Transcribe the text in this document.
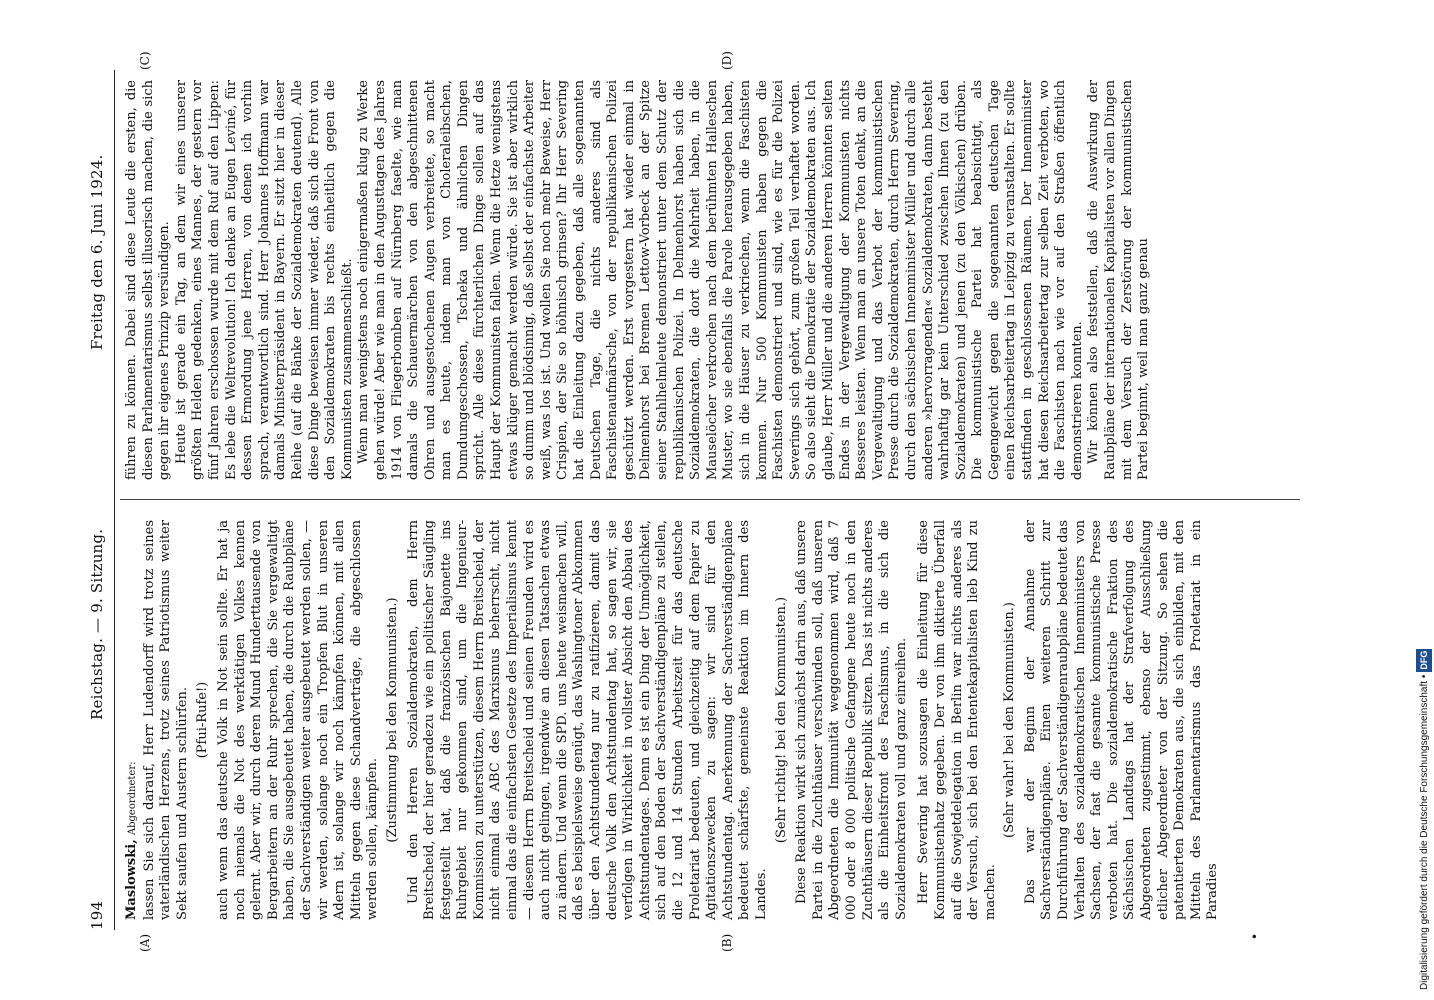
194
Reichstag. — 9. Sitzung.
Freitag den 6. Juni 1924.
(A)	(B)
(C)	(D)
•

Maslowski, Abgeordneter: lassen Sie sich darauf, Herr Ludendorff wird trotz seines vaterländischen Herzens, trotz seines Patriotismus weiter Sekt saufen und Austern schlürfen. (Pfui-Rufe!) auch wenn das deutsche Volk in Not sein sollte. Er hat ja noch niemals die Not des werktätigen Volkes kennen gelernt. Aber wir, durch deren Mund Hunderttausende von Bergarbeitern an der Ruhr sprechen, die Sie vergewaltigt haben, die Sie ausgebeutet haben, die durch die Raubpläne der Sachverständigen weiter ausgebeutet werden sollen, — wir werden, solange noch ein Tropfen Blut in unseren Adern ist, solange wir noch kämpfen können, mit allen Mitteln gegen diese Schandverträge, die abgeschlossen werden sollen, kämpfen. (Zustimmung bei den Kommunisten.) Und den Herren Sozialdemokraten, dem Herrn Breitscheid, der hier geradezu wie ein politischer Säugling festgestellt hat, daß die französischen Bajonette ins Ruhrgebiet nur gekommen sind, um die Ingenieur-Kommission zu unterstützen, diesem Herrn Breitscheid, der nicht einmal das ABC des Marxismus beherrscht, nicht einmal das die einfachsten Gesetze des Imperialismus kennt — diesem Herrn Breitscheid und seinen Freunden wird es auch nicht gelingen, irgendwie an diesen Tatsachen etwas zu ändern. Und wenn die SPD. uns heute weismachen will, daß es beispielsweise genügt, das Washingtoner Abkommen über den Achtstundentag nur zu ratifizieren, damit das deutsche Volk den Achtstundentag hat, so sagen wir, sie verfolgen in Wirklichkeit in vollster Absicht den Abbau des Achtstundentages. Denn es ist ein Ding der Unmöglichkeit, sich auf den Boden der Sachverständigenpläne zu stellen, die 12 und 14 Stunden Arbeitszeit für das deutsche Proletariat bedeuten, und gleichzeitig auf dem Papier zu Agitationszwecken zu sagen: wir sind für den Achtstundentag. Anerkennung der Sachverständigenpläne bedeutet schärfste, gemeinste Reaktion im Innern des Landes.

(Sehr richtig! bei den Kommunisten.) Diese Reaktion wirkt sich zunächst darin aus, daß unsere Partei in die Zuchthäuser verschwinden soll, daß unseren Abgeordneten die Immunität weggenommen wird, daß 7 000 oder 8 000 politische Gefangene heute noch in den Zuchthäusern dieser Republik sitzen. Das ist nichts anderes als die Einheitsfront des Faschismus, in die sich die Sozialdemokraten voll und ganz einreihen. Herr Severing hat sozusagen die Einleitung für diese Kommunistenhatz gegeben. Der von ihm diktierte Überfall auf die Sowjetdelegation in Berlin war nichts anderes als der Versuch, sich bei den Ententekapitalisten lieb Kind zu machen.

(Sehr wahr! bei den Kommunisten.) Das war der Beginn der Annahme der Sachverständigenpläne. Einen weiteren Schritt zur Durchführung der Sachverständigenraubpläne bedeutet das Verhalten des sozialdemokratischen Innenministers von Sachsen, der fast die gesamte kommunistische Presse verboten hat. Die sozialdemokratische Fraktion des Sächsischen Landtags hat der Strafverfolgung des Abgeordneten zugestimmt, ebenso der Ausschließung etlicher Abgeordneter von der Sitzung. So sehen die patentierten Demokraten aus, die sich einbilden, mit den Mitteln des Parlamentarismus das Proletariat in ein Paradies

führen zu können. Dabei sind diese Leute die ersten, die diesen Parlamentarismus selbst illusorisch machen, die sich gegen ihr eigenes Prinzip versündigen. Heute ist gerade ein Tag, an dem wir eines unserer größten Helden gedenken, eines Mannes, der gestern vor fünf Jahren erschossen wurde mit dem Ruf auf den Lippen: Es lebe die Weltrevolution! Ich denke an Eugen Leviné, für dessen Ermordung jene Herren, von denen ich vorhin sprach, verantwortlich sind. Herr Johannes Hoffmann war damals Ministerpräsident in Bayern. Er sitzt hier in dieser Reihe (auf die Bänke der Sozialdemokraten deutend). Alle diese Dinge beweisen immer wieder, daß sich die Front von den Sozialdemokraten bis rechts einheitlich gegen die Kommunisten zusammenschließt. Wenn man wenigstens noch einigermaßen klug zu Werke gehen würde! Aber wie man in den Augusttagen des Jahres 1914 von Fliegerbomben auf Nürnberg faselte, wie man damals die Schauermärchen von den abgeschnittenen Ohren und ausgestochenen Augen verbreitete, so macht man es heute, indem man von Choleraleibschen, Dumdumgeschossen, Tscheka und ähnlichen Dingen spricht. Alle diese fürchterlichen Dinge sollen auf das Haupt der Kommunisten fallen. Wenn die Hetze wenigstens etwas klüger gemacht werden würde. Sie ist aber wirklich so dumm und blödsinnig, daß selbst der einfachste Arbeiter weiß, was los ist. Und wollen Sie noch mehr Beweise, Herr Crispien, der Sie so höhnisch grinsen? Ihr Herr Severing hat die Einleitung dazu gegeben, daß alle sogenannten Deutschen Tage, die nichts anderes sind als Faschistenaufmärsche, von der republikanischen Polizei geschützt werden. Erst vorgestern hat wieder einmal in Delmenhorst bei Bremen Lettow-Vorbeck an der Spitze seiner Stahlhelmleute demonstriert unter dem Schutz der republikanischen Polizei. In Delmenhorst haben sich die Sozialdemokraten, die dort die Mehrheit haben, in die Mauselöcher verkrochen nach dem berühmten Halleschen Muster, wo sie ebenfalls die Parole herausgegeben haben, sich in die Häuser zu verkriechen, wenn die Faschisten kommen. Nur 500 Kommunisten haben gegen die Faschisten demonstriert und sind, wie es für die Polizei Severings sich gehört, zum großen Teil verhaftet worden. So also sieht die Demokratie der Sozialdemokraten aus. Ich glaube, Herr Müller und die anderen Herren könnten selten Endes in der Vergewaltigung der Kommunisten nichts Besseres leisten. Wenn man an unsere Toten denkt, an die Vergewaltigung und das Verbot der kommunistischen Presse durch die Sozialdemokraten, durch Herrn Severing, durch den sächsischen Innenminister Müller und durch alle anderen »hervorragenden« Sozialdemokraten, dann besteht wahrhaftig gar kein Unterschied zwischen Ihnen (zu den Sozialdemokraten) und jenen (zu den Völkischen) drüben. Die kommunistische Partei hat beabsichtigt, als Gegengewicht gegen die sogenannten deutschen Tage einen Reichsarbeitertag in Leipzig zu veranstalten. Er sollte stattfinden in geschlossenen Räumen. Der Innenminister hat diesen Reichsarbeitertag zur selben Zeit verboten, wo die Faschisten nach wie vor auf den Straßen öffentlich demonstrieren konnten. Wir können also feststellen, daß die Auswirkung der Raubpläne der internationalen Kapitalisten vor allen Dingen mit dem Versuch der Zerstörung der kommunistischen Partei beginnt, weil man ganz genau

Digitalisierung gefördert durch die Deutsche Forschungsgemeinschaft •DFG
